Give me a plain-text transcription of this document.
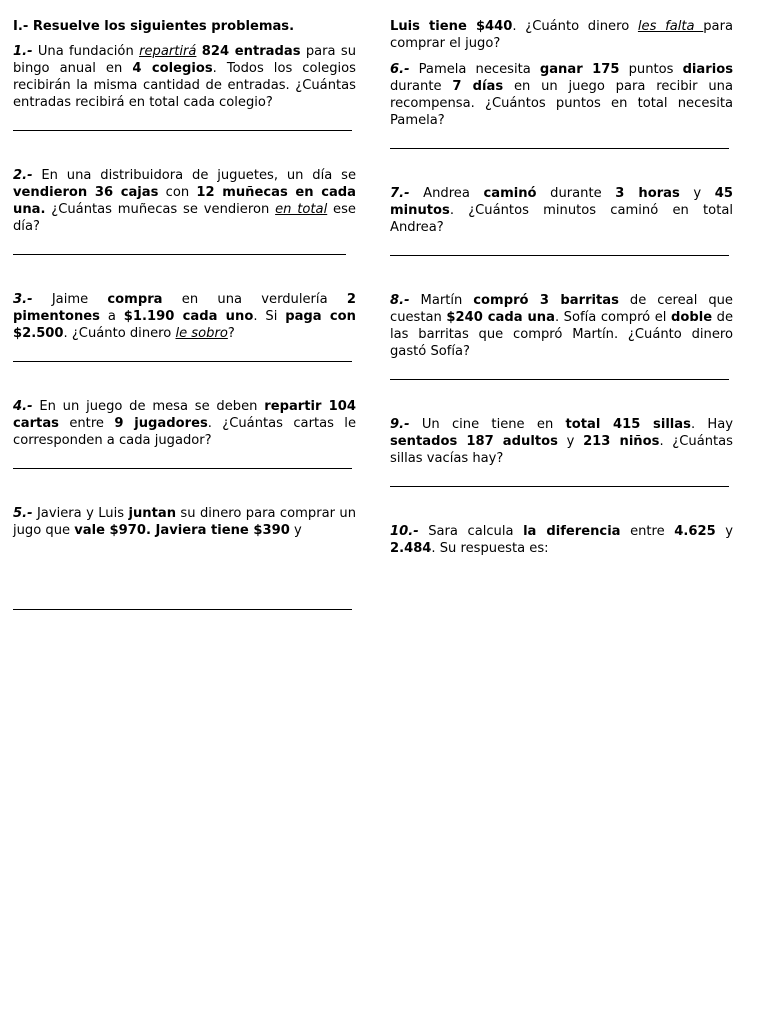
I.- Resuelve los siguientes problemas.

1.- Una fundación repartirá 824 entradas para su bingo anual en 4 colegios. Todos los colegios recibirán la misma cantidad de entradas. ¿Cuántas entradas recibirá en total cada colegio?

2.- En una distribuidora de juguetes, un día se vendieron 36 cajas con 12 muñecas en cada una. ¿Cuántas muñecas se vendieron en total ese día?

3.- Jaime compra en una verdulería 2 pimentones a $1.190 cada uno. Si paga con $2.500. ¿Cuánto dinero le sobro?

4.- En un juego de mesa se deben repartir 104 cartas entre 9 jugadores. ¿Cuántas cartas le corresponden a cada jugador?

5.- Javiera y Luis juntan su dinero para comprar un jugo que vale $970. Javiera tiene $390 y

Luis tiene $440. ¿Cuánto dinero les falta para comprar el jugo?

6.- Pamela necesita ganar 175 puntos diarios durante 7 días en un juego para recibir una recompensa. ¿Cuántos puntos en total necesita Pamela?

7.- Andrea caminó durante 3 horas y 45 minutos. ¿Cuántos minutos caminó en total Andrea?

8.- Martín compró 3 barritas de cereal que cuestan $240 cada una. Sofía compró el doble de las barritas que compró Martín. ¿Cuánto dinero gastó Sofía?

9.- Un cine tiene en total 415 sillas. Hay sentados 187 adultos y 213 niños. ¿Cuántas sillas vacías hay?

10.- Sara calcula la diferencia entre 4.625 y 2.484. Su respuesta es:
